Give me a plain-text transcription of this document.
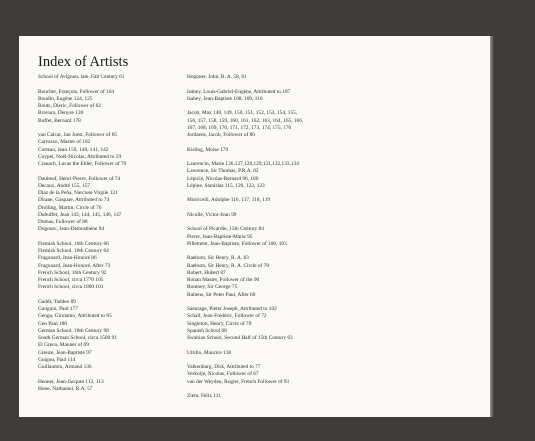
Index of Artists
School of Avignon, late 15th Century 61
Boucher, François, Follower of 104
Boudin, Eugène 124, 125
Bouts, Dieric, Follower of 62
Bravura, Denyse 130
Buffet, Bernard 178
van Calcar, Jan Joest, Follower of 65
Carrozzo, Master of 102
Corteau, Jean 159, 140, 141, 142
Coypel, Noël-Nicolas, Attributed to 59
Cranach, Lucas the Elder, Follower of 79
Daubeuf, Henri-Pierre, Follower of 74
Decaux, André 155, 157
Diaz de la Peña, Narcisse Virgile 121
Dirane, Gaspare, Attributed to 74
Drolling, Martin, Circle of 76
Dubuffet, Jean 143, 144, 145, 146, 147
Dumas, Follower of 88
Dugourc, Jean-Démosthène 94
Flemish School, 16th Century 66
Flemish School, 18th Century 64
Fragonard, Jean-Honoré 86
Fragonard, Jean-Honoré, After 73
French School, 16th Century 92
French School, circa 1770 105
French School, circa 1800 101
Gaddi, Taddeo 89
Gauguin, Paul 177
Genga, Girolamo, Attributed to 85
Gen Paul 180
German School, 18th Century 98
South German School, circa 1500 91
El Greco, Manner of 69
Greuze, Jean-Baptiste 97
Guigou, Paul 114
Guillaumin, Armand 136
Henner, Jean-Jacques 112, 113
Hone, Nathaniel, R.A. 57
Hoppner, John, R. A. 58, 81
Isabey, Louis-Gabriel-Eugène, Attributed to 107
Isabey, Jean-Baptiste 108, 109, 110
Jacob, Max 148, 149, 150, 151, 152, 153, 154, 155,
156, 157, 158, 159, 160, 161, 162, 163, 164, 165, 166,
167, 168, 169, 170, 171, 172, 173, 174, 175, 176
Jordaens, Jacob, Follower of 80
Kisling, Moïse 179
Laurencin, Marie 126,127,128,129,131,132,133,134
Lawrence, Sir Thomas, P.R.A. 82
Lépicié, Nicolas-Bernard 96, 106
Lépine, Stanislas 115, 120, 122, 123
Morricelli, Adolphe 116, 117, 118, 119
Nicolle, Victor-Jean 99
School of Picardie, 15th Century 84
Pierre, Jean-Baptiste-Marie 95
Pillement, Jean-Baptiste, Follower of 100, 103
Raeburn, Sir Henry, R. A. 83
Raeburn, Sir Henry, R. A. Circle of 78
Robert, Hubert 87
Rohan Master, Follower of the 90
Romney, Sir George 75
Rubens, Sir Peter Paul, After 60
Saenrage, Pieter Joseph, Attributed to 102
Schall, Jean-Frédéric, Follower of 72
Singleton, Henry, Circle of 70
Spanish School 68
Swabian School, Second Half of 15th Century 63
Utrillo, Maurice 138
Valkenburg, Dirk, Attributed to 77
Verkolje, Nicolas, Follower of 67
van der Weyden, Rogier, French Follower of 93
Ziem, Félix 111
